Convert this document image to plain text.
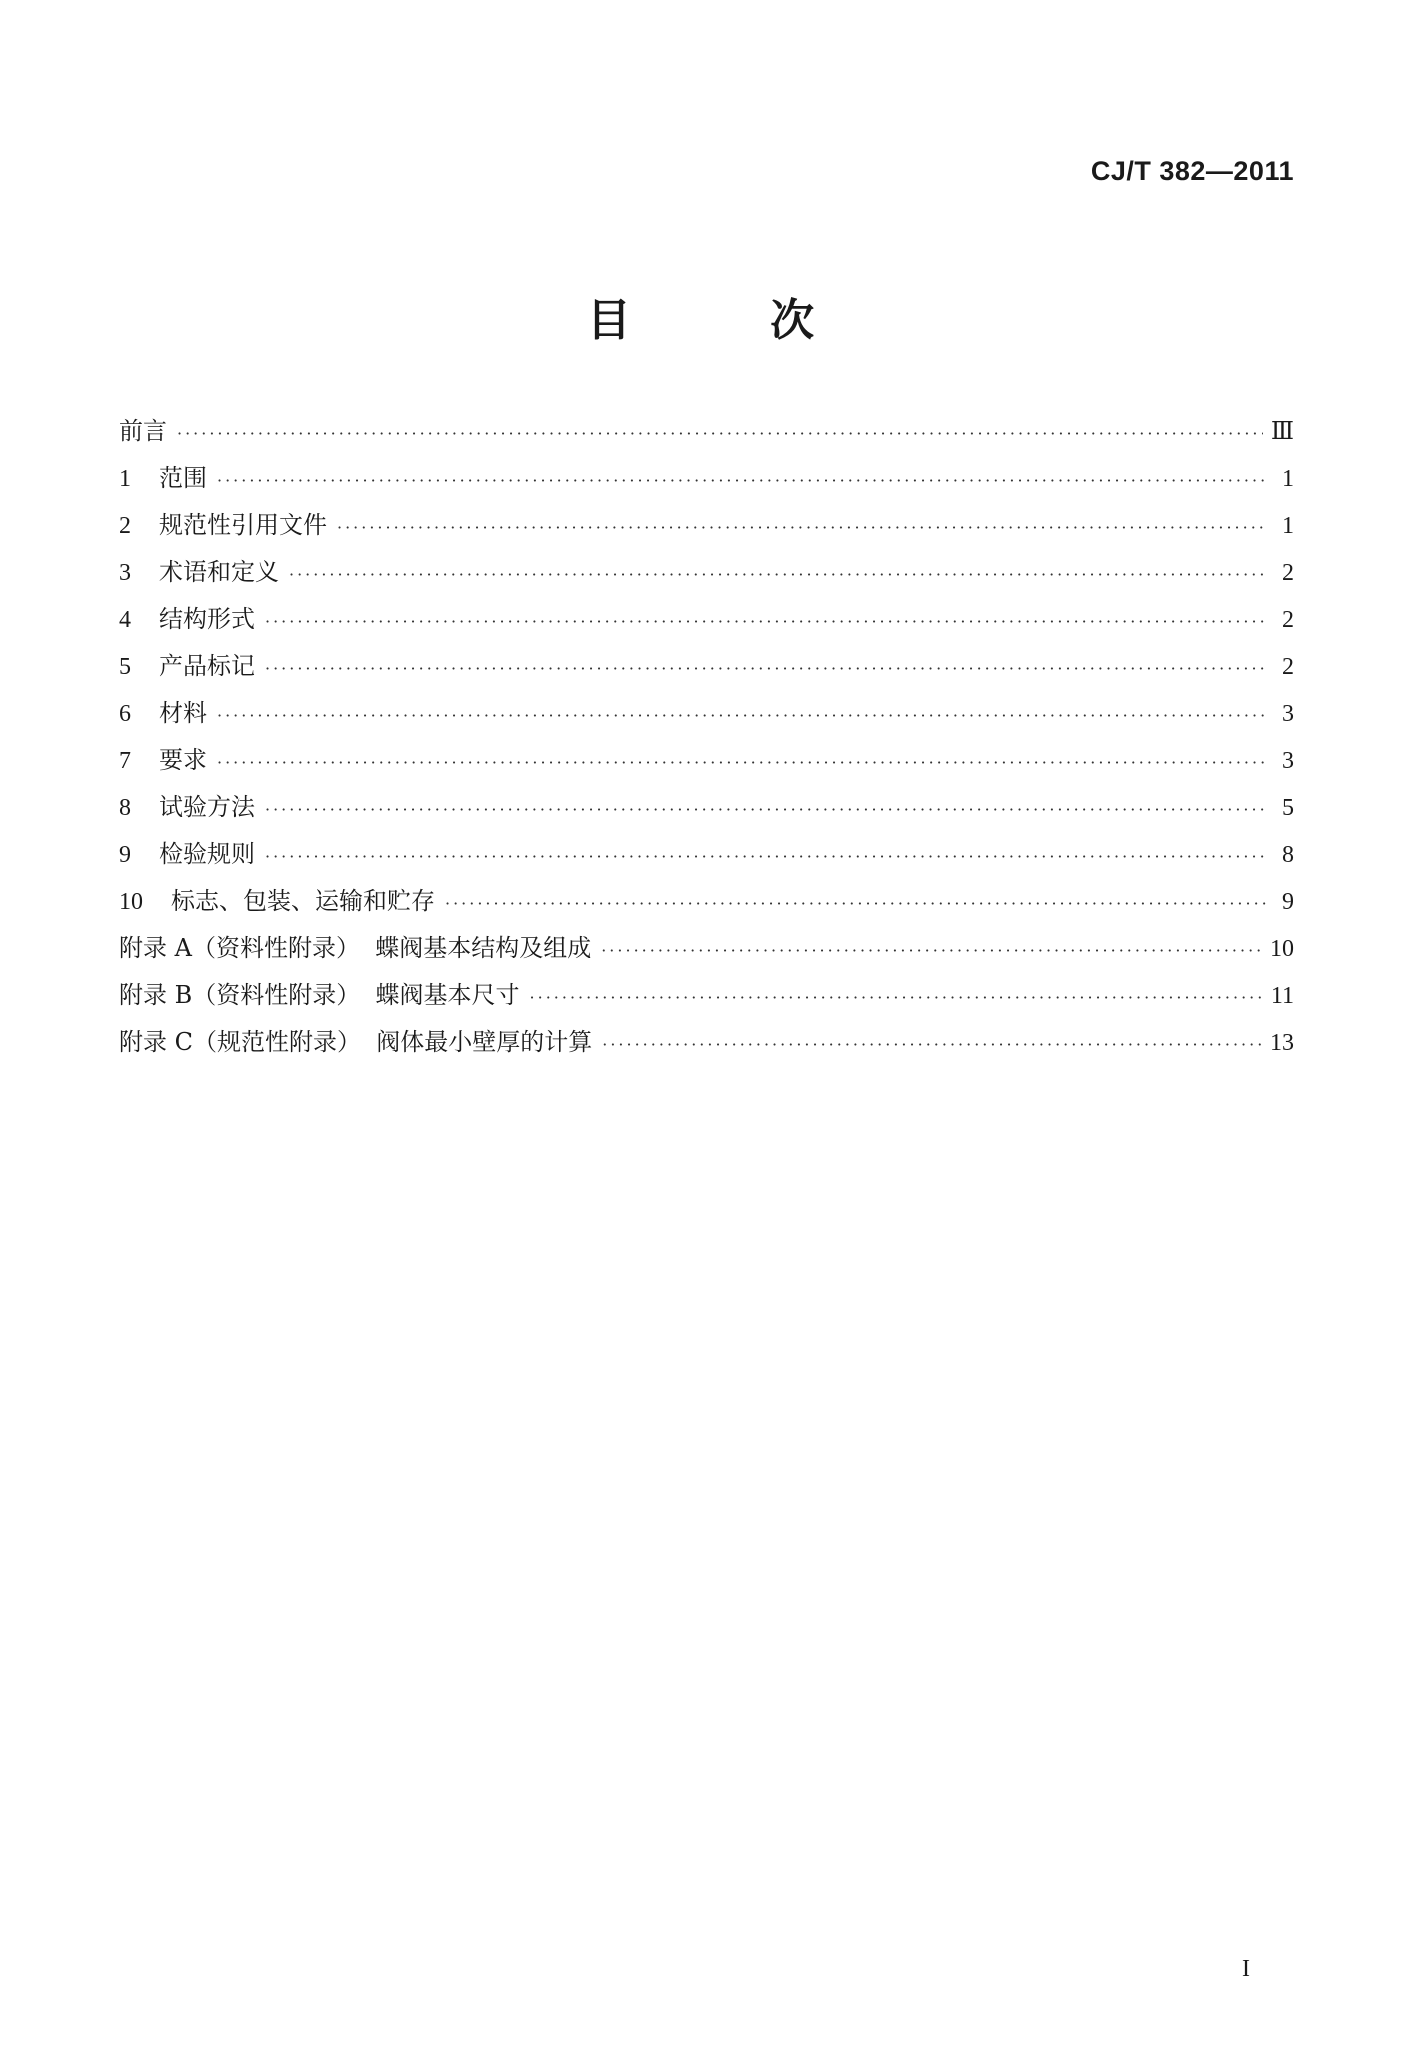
CJ/T 382—2011
目 次
前言 ·····	Ⅲ
1	范围 ·····	1
2	规范性引用文件 ·····	1
3	术语和定义 ·····	2
4	结构形式 ·····	2
5	产品标记 ·····	2
6	材料 ·····	3
7	要求 ·····	3
8	试验方法 ·····	5
9	检验规则 ·····	8
10	标志、包装、运输和贮存 ·····	9
附录 A（资料性附录）  蝶阀基本结构及组成 ·····	10
附录 B（资料性附录）  蝶阀基本尺寸 ·····	11
附录 C（规范性附录）  阀体最小壁厚的计算 ·····	13
I
